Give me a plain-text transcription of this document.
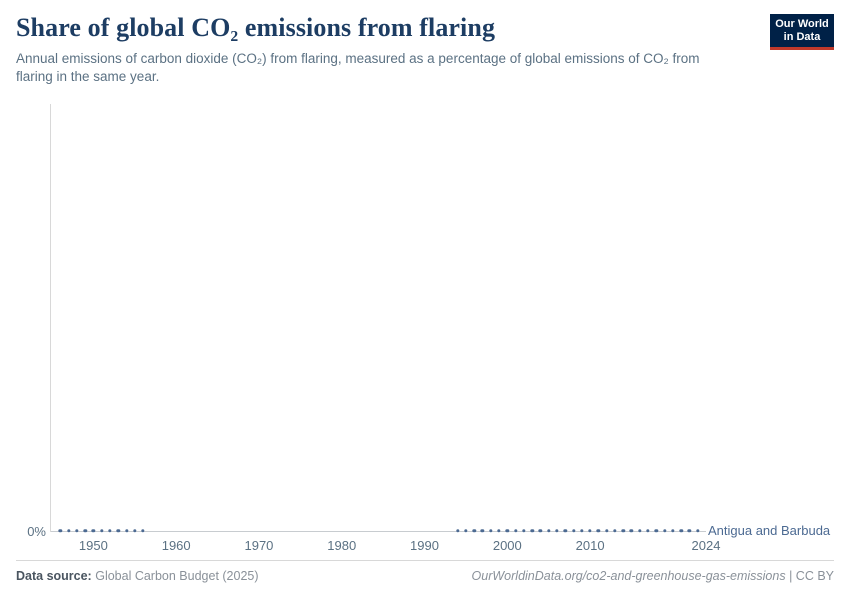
Share of global CO₂ emissions from flaring

Annual emissions of carbon dioxide (CO₂) from flaring, measured as a percentage of global emissions of CO₂ from flaring in the same year.

Our World
in Data
0%	Antigua and Barbuda
1950	1960	1970	1980	1990	2000	2010	2024
Data source: Global Carbon Budget (2025)	OurWorldinData.org/co2-and-greenhouse-gas-emissions | CC BY
